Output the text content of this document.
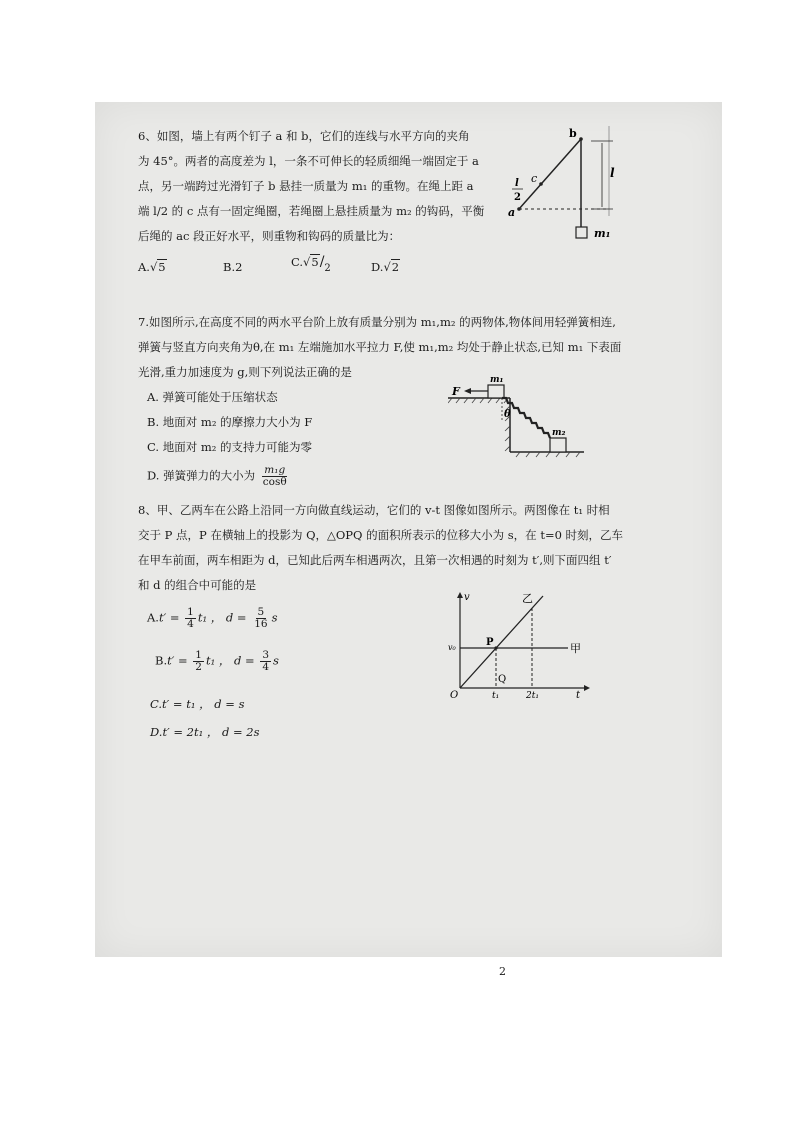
6、如图，墙上有两个钉子 a 和 b，它们的连线与水平方向的夹角
为 45°。两者的高度差为 l，一条不可伸长的轻质细绳一端固定于 a
点，另一端跨过光滑钉子 b 悬挂一质量为 m₁ 的重物。在绳上距 a
端 l/2 的 c 点有一固定绳圈，若绳圈上悬挂质量为 m₂ 的钩码，平衡
后绳的 ac 段正好水平，则重物和钩码的质量比为：
A.√5	B.2	C.√5/2	D.√2
b
c
a
l
l
2
m₁
7.如图所示,在高度不同的两水平台阶上放有质量分别为 m₁,m₂ 的两物体,物体间用轻弹簧相连,
弹簧与竖直方向夹角为θ,在 m₁ 左端施加水平拉力 F,使 m₁,m₂ 均处于静止状态,已知 m₁ 下表面
光滑,重力加速度为 g,则下列说法正确的是
A. 弹簧可能处于压缩状态
B. 地面对 m₂ 的摩擦力大小为 F
C. 地面对 m₂ 的支持力可能为零
D. 弹簧弹力的大小为 $\frac{\text{m₁g}}{\cos\theta}$
F
m₁
m₂
θ
8、甲、乙两车在公路上沿同一方向做直线运动，它们的 v-t 图像如图所示。两图像在 t₁ 时相
交于 P 点，P 在横轴上的投影为 Q，△OPQ 的面积所表示的位移大小为 s，在 t=0 时刻，乙车
在甲车前面，两车相距为 d，已知此后两车相遇两次，且第一次相遇的时刻为 t′,则下面四组 t′
和 d 的组合中可能的是
$A.t' = \frac{1}{4} t_1$ ， $d = \frac{5}{16}$ s
$B.t' = \frac{1}{2} t_1$ ， $d = \frac{3}{4}$ s
C.t′ = t₁ ， d = s
D.t′ = 2t₁ ， d = 2s
v	乙
v₀	P	甲
Q
O	t₁	2t₁	t
2
